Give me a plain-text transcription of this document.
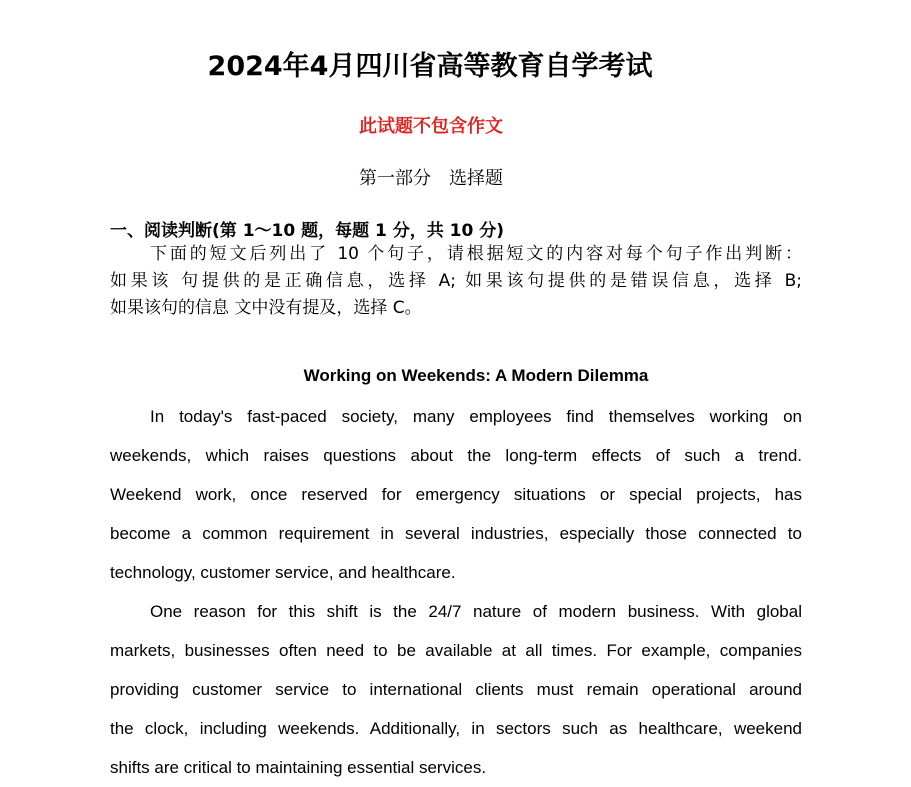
2024年4月四川省高等教育自学考试
此试题不包含作文
第一部分　选择题
一、阅读判断(第 1～10 题，每题 1 分，共 10 分)

下面的短文后列出了 10 个句子，请根据短文的内容对每个句子作出判断：

如果该 句提供的是正确信息，选择 A; 如果该句提供的是错误信息，选择 B;

如果该句的信息 文中没有提及，选择 C。

Working on Weekends: A Modern Dilemma
In today's fast-paced society, many employees find themselves working on
weekends, which raises questions about the long-term effects of such a trend.
Weekend work, once reserved for emergency situations or special projects, has
become a common requirement in several industries, especially those connected to
technology, customer service, and healthcare.
One reason for this shift is the 24/7 nature of modern business. With global
markets, businesses often need to be available at all times. For example, companies
providing customer service to international clients must remain operational around
the clock, including weekends. Additionally, in sectors such as healthcare, weekend
shifts are critical to maintaining essential services.
